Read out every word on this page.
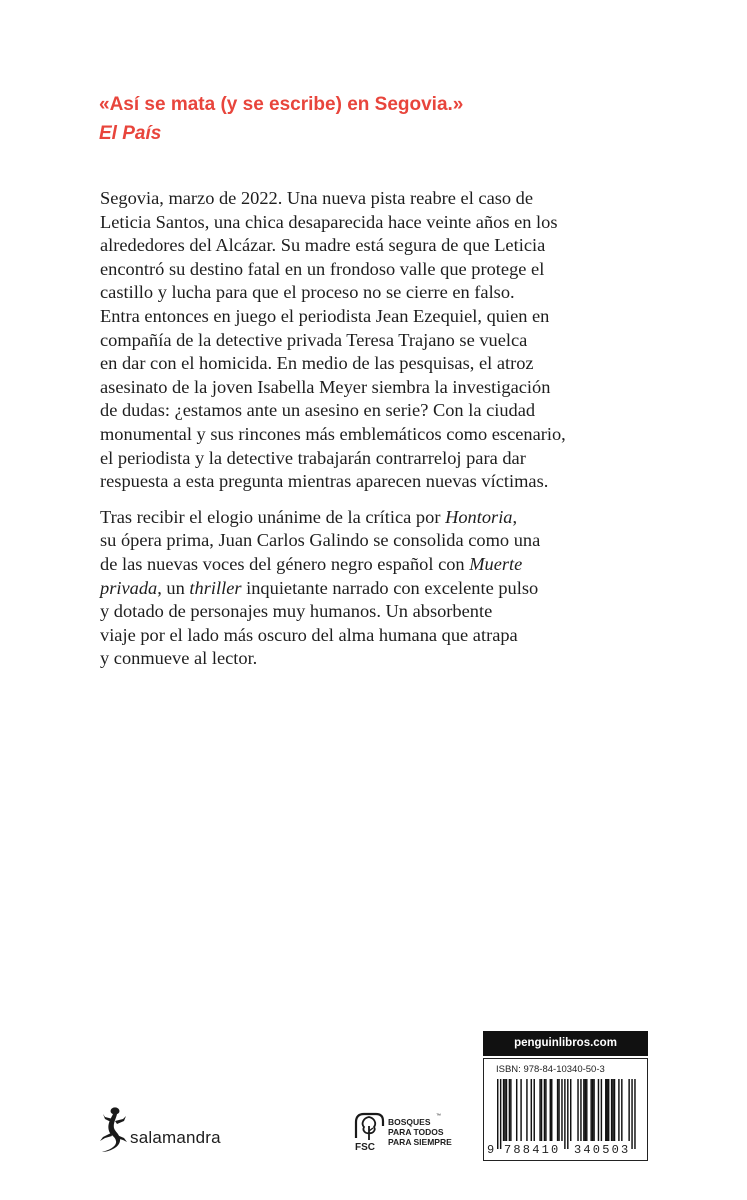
«Así se mata (y se escribe) en Segovia.»
El País

Segovia, marzo de 2022. Una nueva pista reabre el caso de
Leticia Santos, una chica desaparecida hace veinte años en los
alrededores del Alcázar. Su madre está segura de que Leticia
encontró su destino fatal en un frondoso valle que protege el
castillo y lucha para que el proceso no se cierre en falso.
Entra entonces en juego el periodista Jean Ezequiel, quien en
compañía de la detective privada Teresa Trajano se vuelca
en dar con el homicida. En medio de las pesquisas, el atroz
asesinato de la joven Isabella Meyer siembra la investigación
de dudas: ¿estamos ante un asesino en serie? Con la ciudad
monumental y sus rincones más emblemáticos como escenario,
el periodista y la detective trabajarán contrarreloj para dar
respuesta a esta pregunta mientras aparecen nuevas víctimas.

Tras recibir el elogio unánime de la crítica por Hontoria,
su ópera prima, Juan Carlos Galindo se consolida como una
de las nuevas voces del género negro español con Muerte
privada, un thriller inquietante narrado con excelente pulso
y dotado de personajes muy humanos. Un absorbente
viaje por el lado más oscuro del alma humana que atrapa
y conmueve al lector.

salamandra
FSC
™
BOSQUES
PARA TODOS
PARA SIEMPRE
penguinlibros.com
ISBN: 978-84-10340-50-3
9 788410 340503
